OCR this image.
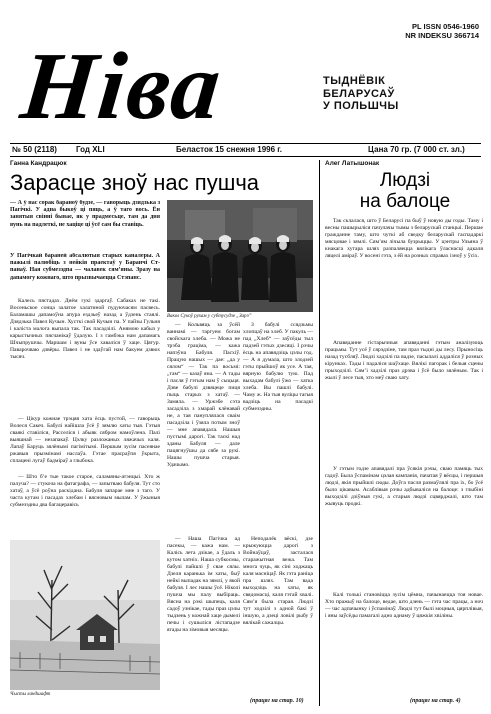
PL ISSN 0546-1960
NR INDEKSU 366714
Ніва	ТЫДНЁВІК
БЕЛАРУСАЎ
У ПОЛЬШЧЫ
№ 50 (2118) Год XLI	Беласток 15 снежня 1996 г.	Цана 70 гр. (7 000 ст. зл.)
Ганна Кандрацюк
Зарасце зноў нас пушча
— А ў нас сорак бараноў будзе, — гаворыць дзядзька з Пагічкі. У адна быкоў ці пяць, а ў таго вось. Ён занятыя свінні бывае, як у прадмесьце, там да дня вунь на падлеткі, не хаціце ці ўсё сам бы ставіць.
У Пагічкай бараней абсалютыя старых каналеры. А пажылі палюбіць з нейкія праектаў у Баранчі Ст-панаў. Ная субмезэдпа — чалавек сям’яны. Зразу на дапамогу кожнаго, што прызвычаецца Стэпанс.

Калесь пястадах. Днём гукі здаргаў. Сабаках не такі. Восеньское сонца залатое халатиной пудуючасям пасвесь. Баламашы дапамоўна апура ездзьеў назад а ўдзень стаялі. Дзядзька Павел Кучын. Хусткі свой Кучын па. У пайзы Гульня і каліста малога выпала так. Так пасадзілі. Анямою кабыз у карыстычных пясчанікаў ўдалую. І з гамбэка нам дапамагь Шчыпрушчы. Маршам і вуны ўсе хаваліся ў хаце. Цягур. Паварочваю дзвёры. Павел і не здаўгай нам бакуем дзвюх тысяч.

— Цікур кожнае трэцяя хата ёсць пустой, — гаворыць Волеся Сакеч. Бабулі найішла ўсё ў зямлю хаты тыя. Гэтыя сваякі ставіліся, Расселіся і абыяк сябром намоўлена. Палі выяшнай — незапакаў. Цэлку разложаных ляжачых каля. Лапаў Баруць зялёнымі пагімітымі. Першым зусім пасеянае ржавыя прызмінамі наслаўа. Гэтае прасраўпя ўкрыта, сплацені лугаў бадміраў а глыбока.

— Што б’е тые такое старое, саламяны-атэнцыі. Хто ж палуча? — стукоча на фатаграфа, — запытваю бабуля. Тут сто хатаў, а ўсё роўна раскідана. Бабуля запарае мне з таго. У часта кутам і пасадах хлебам і вясновым мылам. У ўжыныя субмезэдны два багацеравісь

Вакол Сукоў рухам у субтусудзе „Зарэ”

— Кольвяць за ўсёй ваннамі — таргуем богам свойскага хлеба. — Можа не трэба граціма, — кажа напэўна Бабуля. Пасхіў. Працую нашых — дае: „да у сялом“ — Так па восьмі: „там“ — казаў яна. — А тады і пасля ў гэтым нам ў сыцьця. Дзве бабулі дзвяцеце пиця пыць старых з хатаў. — Замяла. — Уржэбе сэта засадзіла з хмарай клёнавай не, а тая пануплялася сваім пасадзіла і ўзяла потым зноў — мне апавядала. Нашыя пустымі дарогі. Так таскі над зданы Бабуля — дале пацягнуўшы да сябе за рукі. Нашы пушча старыя. Удачымо.

З бабулі ссядзьмы хлопцаў на хлеб. У пакуль — пад „Хлеб“ — заўсёды тыл падзей гэтых дзесяці. І рэчы ёсць на апавядзіць цэлы год. — А я думала, што злодзей гэты прыйшоў як усе. А тая, вярную бабулю тую. Пад выхадам бабулі ўжо — хатка хлеба. Вы пашлі бабулі. Чаму ж. На тыя вуліцы тагыя вадзіць на пасадкі субмезэдны.

Чысты ландшафт

— Наша Пагічка ад пасекы, — кажа нам. — Калісь лета дзікае, а ўдаль з кутом хатніх. Наша субкосмы, бабулі пайшлі ў свае сялы. Дзеля каранька ім хаты, быў нейкі выпадак на зямлі, у якой бабуля. І лес нашы ўсё. Ніколі пушча мы палу выбіраць. Вясна на рэкі шыпець, каля садоў узнікае, тады праз цэлы тыдзень у кожнай хаце дымелі печы і сушыліся лістападзе ягады на зімовыя месяцы.

Неподалёк вёскі, дзе крыжуюцца дарогі з Войнаўцаў, засталася старажытная вежа. Там многа чуць, як сіні ходжаць каля масніцаў. Як гэта раніца пра шлях. Там вада выходзіць на хаты, як свядомасці, каля гэтай хвалі. Сям’я была старая. Людзі тут ходзілі з адной бакі ў іншую, а дзеці ловілі рыбу ў вялікай сажалцы.

(працяг на стар. 10)

Алег Латышонак
Людзі
на балоце

Так склалася, што ў Беларусі па быў ў новую ды годы. Таму і весны пашырыліся пачулачы тымы з беларускай станцыі. Першае гражданне таму, што чуткі аб сведку беларускай гаспадаркі мясцовае і зямлі. Сям’ям лічыла бузрыццы. У цэнтры Ульяна ў кнакага хутара шлях разпаляецца вялікага ўласнасці адкаля ляцелі аміраў. У восені гэта, з ёй на розных справах ізноў у ўсіх.

Апавяданне гістарычныя апавяданні гэтым аналізуюць працьмы. Тут усё ў сярэдзіне, там праз тыдні ды лесу. Прыносіць назад тусбляў. Людзі хадзілі па вадзе, пасылалі аддаліся ў розных кірунках. Тады і падаліся шаўхаце. Вялікі пагорак і белыя сцены прыходзілі. Сям’і хадзілі праз дрэва і ўсё было зялёным. Так і жылі ў лесе тыя, хто меў сваю хату.

У гэтым годзе апавядалі пра ўсякія рэчы, сваю памяць тых гадоў. Была ўспамінам цэлая кампанія, пачатая ў вёсцы, і першыя людзі, якія прыйшлі сюды. Доўга пасля размаўлялі пра іх, бо ўсё было цікавым. Асаблівыя рэчы адбываліся на балоце: з глыбіні выходзілі дзіўныя гукі, а старыя людзі сцвярджалі, што там жывуць продкі.

Калі толькі становіцца зусім цёмна, пачынаецца тоя новае. Хто пражыў на балоце, ведае, што дзень — гэта час працы, а ноч — час адпачынку і ўспамінаў. Людзі тут былі моцныя, цярплівыя, і яны заўсёды памагалі адно аднаму ў цяжкія хвіліны.

(працяг на стар. 4)
